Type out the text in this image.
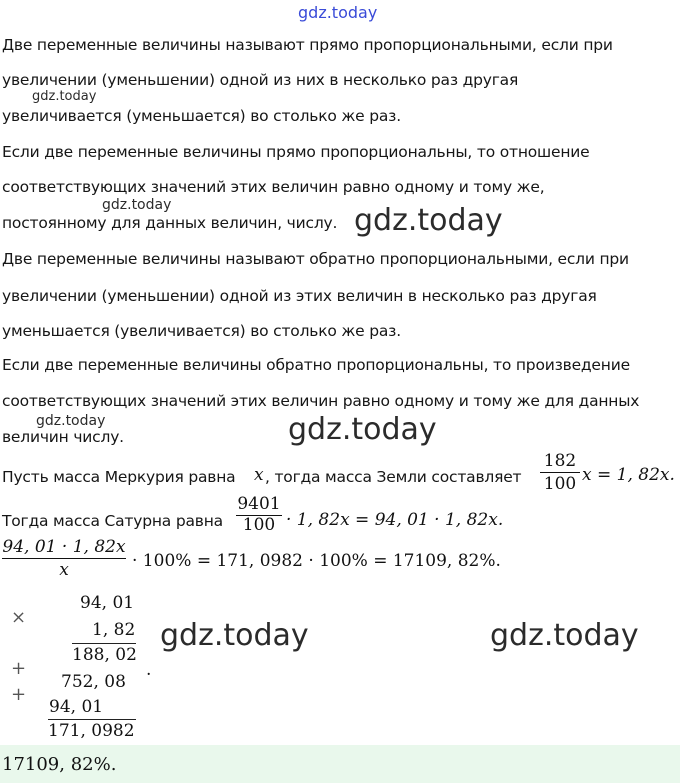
gdz.today
Две переменные величины называют прямо пропорциональными, если при
увеличении (уменьшении) одной из них в несколько раз другая
gdz.today
увеличивается (уменьшается) во столько же раз.
Если две переменные величины прямо пропорциональны, то отношение
соответствующих значений этих величин равно одному и тому же,
gdz.today
постоянному для данных величин, числу. gdz.today
Две переменные величины называют обратно пропорциональными, если при
увеличении (уменьшении) одной из этих величин в несколько раз другая
уменьшается (увеличивается) во столько же раз.
Если две переменные величины обратно пропорциональны, то произведение
соответствующих значений этих величин равно одному и тому же для данных
gdz.today
величин числу.	gdz.today
Пусть масса Меркурия равна x , тогда масса Земли составляет
182
100 x = 1, 82x.
Тогда масса Сатурна равна
9401
100 · 1, 82x = 94, 01 · 1, 82x.
94, 01 · 1, 82x
x	· 100% = 171, 0982 · 100% = 17109, 82%.
×
94, 01
1, 82
188, 02
.
+
752, 08
+
94, 01
171, 0982
gdz.today	gdz.today
17109, 82%.
